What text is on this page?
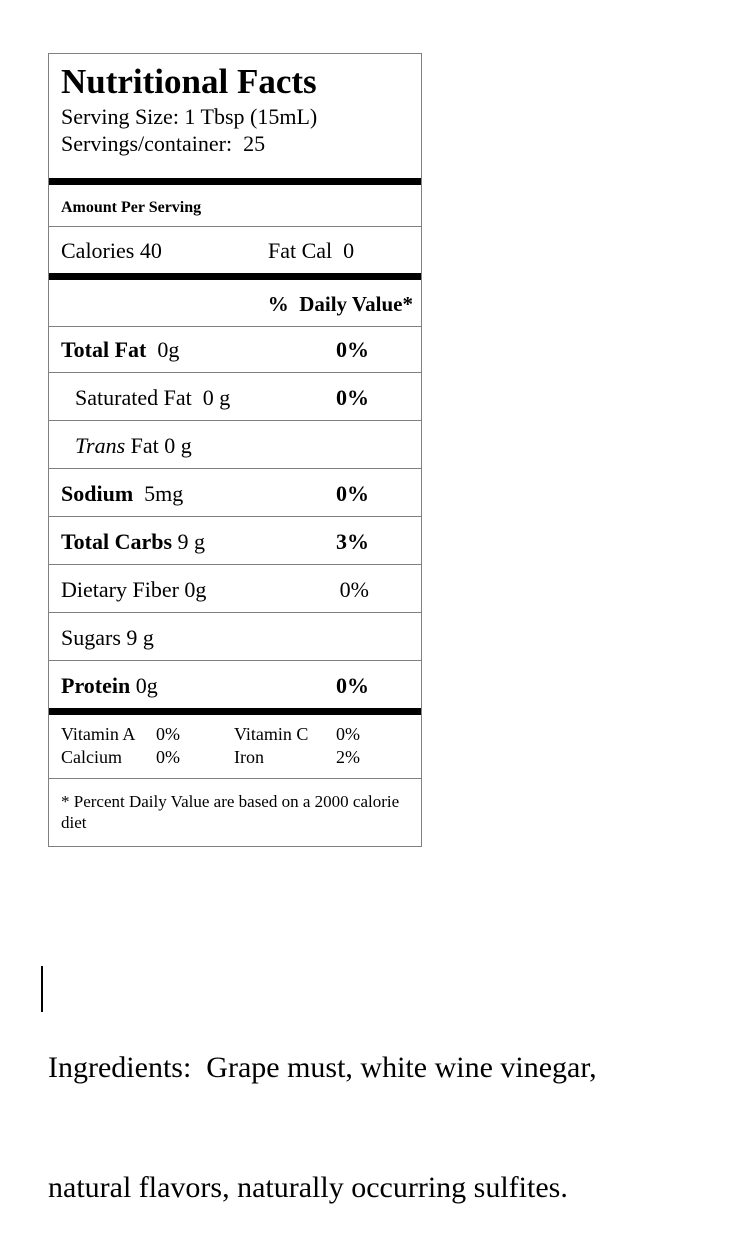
Nutritional Facts
Serving Size: 1 Tbsp (15mL)
Servings/container:  25
Amount Per Serving
Calories 40	Fat Cal  0
%  Daily Value*
Total Fat  0g	0%
Saturated Fat  0 g	0%
Trans Fat 0 g
Sodium  5mg	0%
Total Carbs 9 g	3%
Dietary Fiber 0g	0%
Sugars 9 g
Protein 0g	0%
Vitamin A	0%	Vitamin C	0%
Calcium	0%	Iron	2%
* Percent Daily Value are based on a 2000 calorie diet

Ingredients:  Grape must, white wine vinegar,

natural flavors, naturally occurring sulfites.
